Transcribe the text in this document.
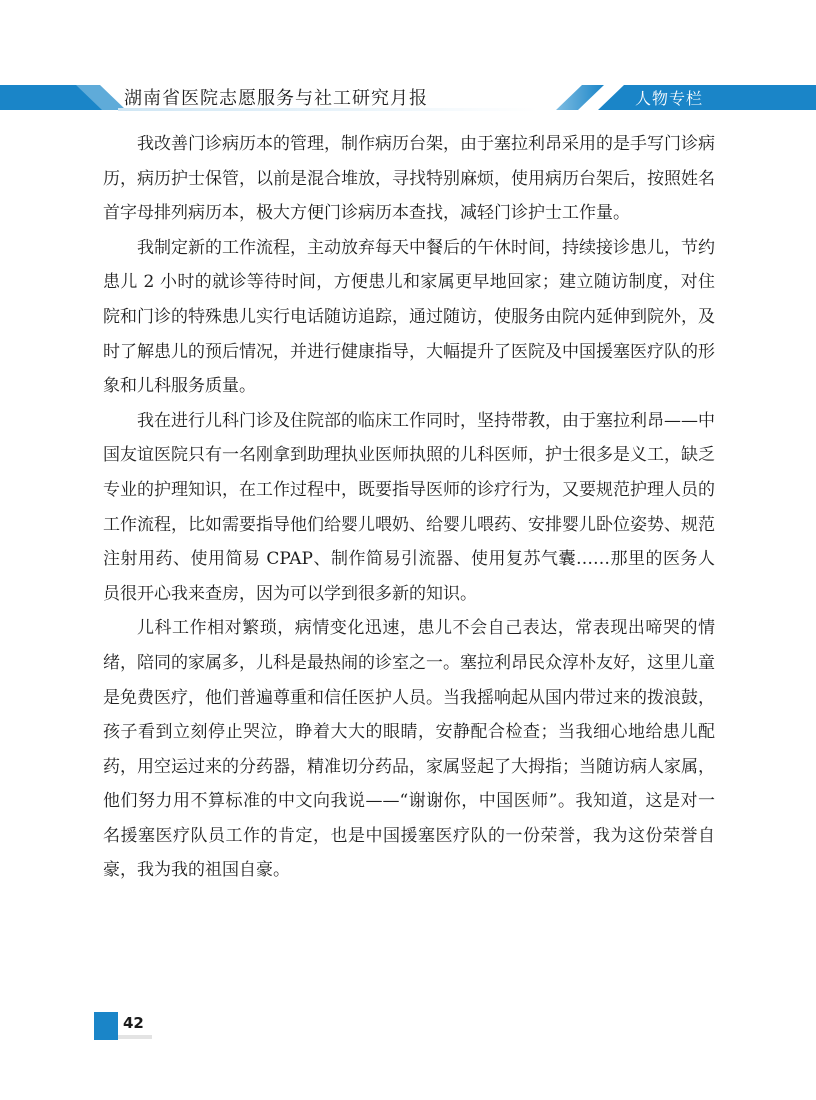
湖南省医院志愿服务与社工研究月报	人物专栏

我改善门诊病历本的管理，制作病历台架，由于塞拉利昂采用的是手写门诊病历，病历护士保管，以前是混合堆放，寻找特别麻烦，使用病历台架后，按照姓名首字母排列病历本，极大方便门诊病历本查找，减轻门诊护士工作量。

我制定新的工作流程，主动放弃每天中餐后的午休时间，持续接诊患儿，节约患儿 2 小时的就诊等待时间，方便患儿和家属更早地回家；建立随访制度，对住院和门诊的特殊患儿实行电话随访追踪，通过随访，使服务由院内延伸到院外，及时了解患儿的预后情况，并进行健康指导，大幅提升了医院及中国援塞医疗队的形象和儿科服务质量。

我在进行儿科门诊及住院部的临床工作同时，坚持带教，由于塞拉利昂——中国友谊医院只有一名刚拿到助理执业医师执照的儿科医师，护士很多是义工，缺乏专业的护理知识，在工作过程中，既要指导医师的诊疗行为，又要规范护理人员的工作流程，比如需要指导他们给婴儿喂奶、给婴儿喂药、安排婴儿卧位姿势、规范注射用药、使用简易 CPAP、制作简易引流器、使用复苏气囊……那里的医务人员很开心我来查房，因为可以学到很多新的知识。

儿科工作相对繁琐，病情变化迅速，患儿不会自己表达，常表现出啼哭的情绪，陪同的家属多，儿科是最热闹的诊室之一。塞拉利昂民众淳朴友好，这里儿童是免费医疗，他们普遍尊重和信任医护人员。当我摇响起从国内带过来的拨浪鼓，孩子看到立刻停止哭泣，睁着大大的眼睛，安静配合检查；当我细心地给患儿配药，用空运过来的分药器，精准切分药品，家属竖起了大拇指；当随访病人家属，他们努力用不算标准的中文向我说——“谢谢你，中国医师”。我知道，这是对一名援塞医疗队员工作的肯定，也是中国援塞医疗队的一份荣誉，我为这份荣誉自豪，我为我的祖国自豪。

42
